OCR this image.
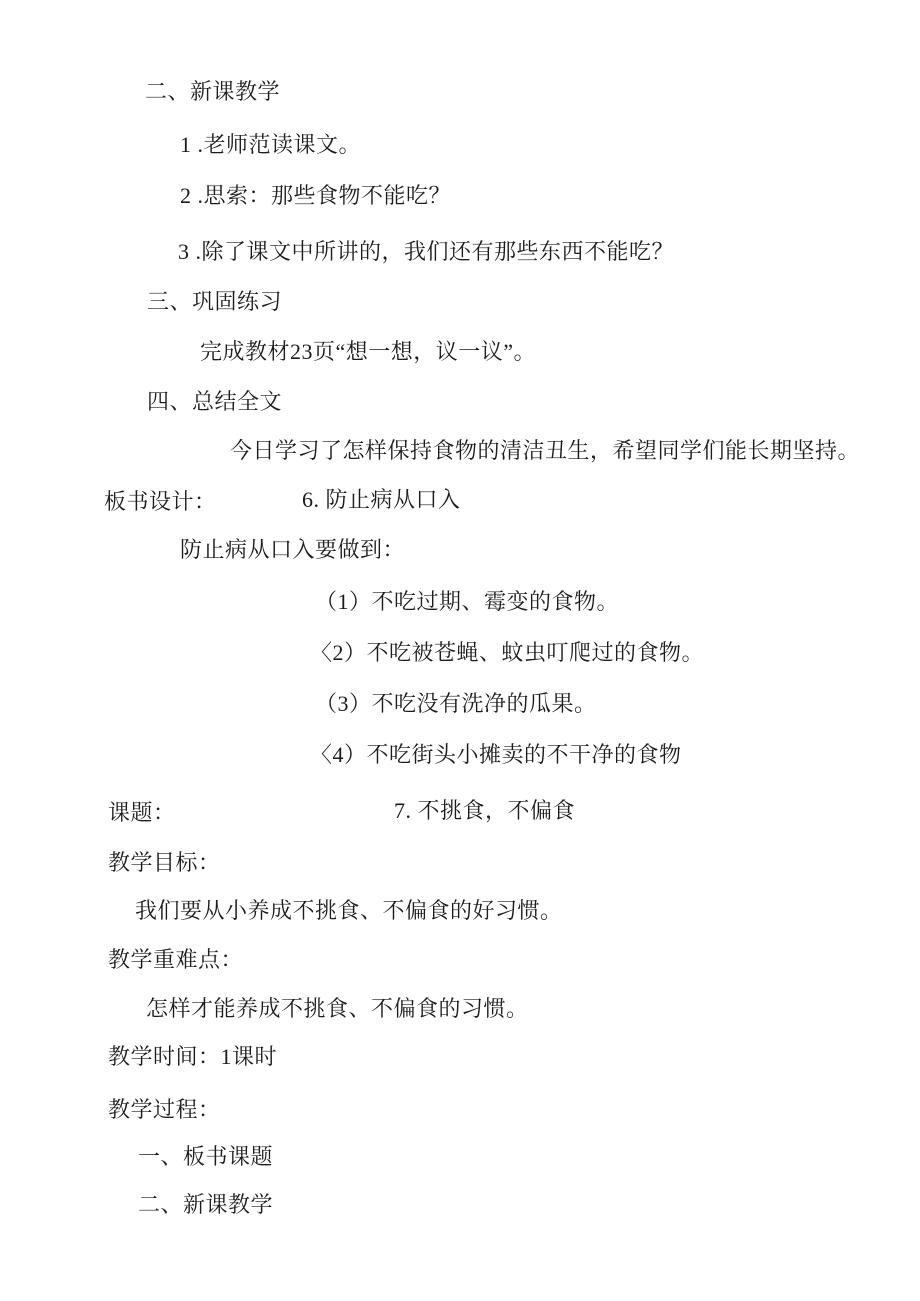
二、新课教学
1 .老师范读课文。
2 .思索：那些食物不能吃？
3 .除了课文中所讲的，我们还有那些东西不能吃？
三、巩固练习
完成教材23页“想一想，议一议”。
四、总结全文
今日学习了怎样保持食物的清洁丑生，希望同学们能长期坚持。
板书设计：	6. 防止病从口入
防止病从口入要做到：
（1）不吃过期、霉变的食物。
〈2）不吃被苍蝇、蚊虫叮爬过的食物。
（3）不吃没有洗净的瓜果。
〈4）不吃街头小摊卖的不干净的食物
课题：	7. 不挑食，不偏食
教学目标：
我们要从小养成不挑食、不偏食的好习惯。
教学重难点：
怎样才能养成不挑食、不偏食的习惯。
教学时间：1课时
教学过程：
一、板书课题
二、新课教学
